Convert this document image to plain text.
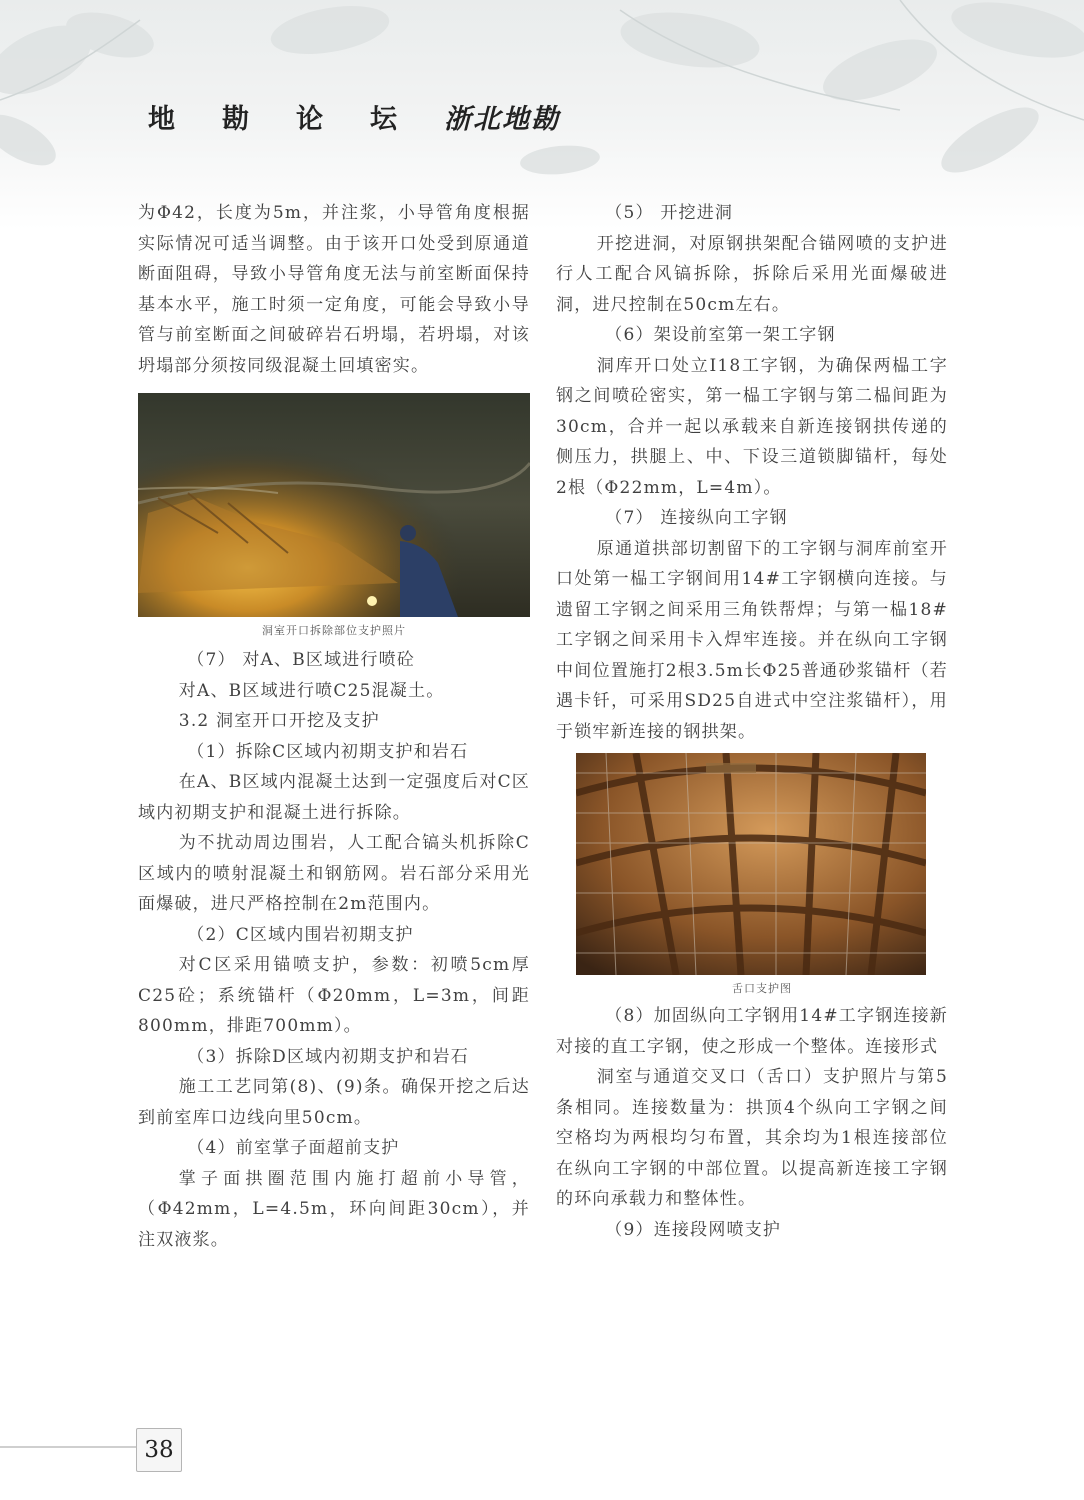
地 勘 论 坛 浙北地勘

为Φ42，长度为5m，并注浆，小导管角度根据实际情况可适当调整。由于该开口处受到原通道断面阻碍，导致小导管角度无法与前室断面保持基本水平，施工时须一定角度，可能会导致小导管与前室断面之间破碎岩石坍塌，若坍塌，对该坍塌部分须按同级混凝土回填密实。

洞室开口拆除部位支护照片

（7） 对A、B区域进行喷砼

对A、B区域进行喷C25混凝土。

3.2 洞室开口开挖及支护

（1）拆除C区域内初期支护和岩石

在A、B区域内混凝土达到一定强度后对C区域内初期支护和混凝土进行拆除。

为不扰动周边围岩，人工配合镐头机拆除C区域内的喷射混凝土和钢筋网。岩石部分采用光面爆破，进尺严格控制在2m范围内。

（2）C区域内围岩初期支护

对C区采用锚喷支护，参数：初喷5cm厚C25砼；系统锚杆（Φ20mm，L=3m，间距800mm，排距700mm）。

（3）拆除D区域内初期支护和岩石

施工工艺同第(8)、(9)条。确保开挖之后达到前室库口边线向里50cm。

（4）前室掌子面超前支护

掌子面拱圈范围内施打超前小导管，（Φ42mm，L=4.5m，环向间距30cm），并注双液浆。

（5） 开挖进洞

开挖进洞，对原钢拱架配合锚网喷的支护进行人工配合风镐拆除，拆除后采用光面爆破进洞，进尺控制在50cm左右。

（6）架设前室第一架工字钢

洞库开口处立I18工字钢，为确保两榀工字钢之间喷砼密实，第一榀工字钢与第二榀间距为30cm，合并一起以承载来自新连接钢拱传递的侧压力，拱腿上、中、下设三道锁脚锚杆，每处2根（Φ22mm，L=4m）。

（7） 连接纵向工字钢

原通道拱部切割留下的工字钢与洞库前室开口处第一榀工字钢间用14#工字钢横向连接。与遗留工字钢之间采用三角铁帮焊；与第一榀18#工字钢之间采用卡入焊牢连接。并在纵向工字钢中间位置施打2根3.5m长Φ25普通砂浆锚杆（若遇卡钎，可采用SD25自进式中空注浆锚杆），用于锁牢新连接的钢拱架。

舌口支护图

（8）加固纵向工字钢用14#工字钢连接新对接的直工字钢，使之形成一个整体。连接形式

洞室与通道交叉口（舌口）支护照片与第5条相同。连接数量为：拱顶4个纵向工字钢之间空格均为两根均匀布置，其余均为1根连接部位在纵向工字钢的中部位置。以提高新连接工字钢的环向承载力和整体性。

（9）连接段网喷支护

38
